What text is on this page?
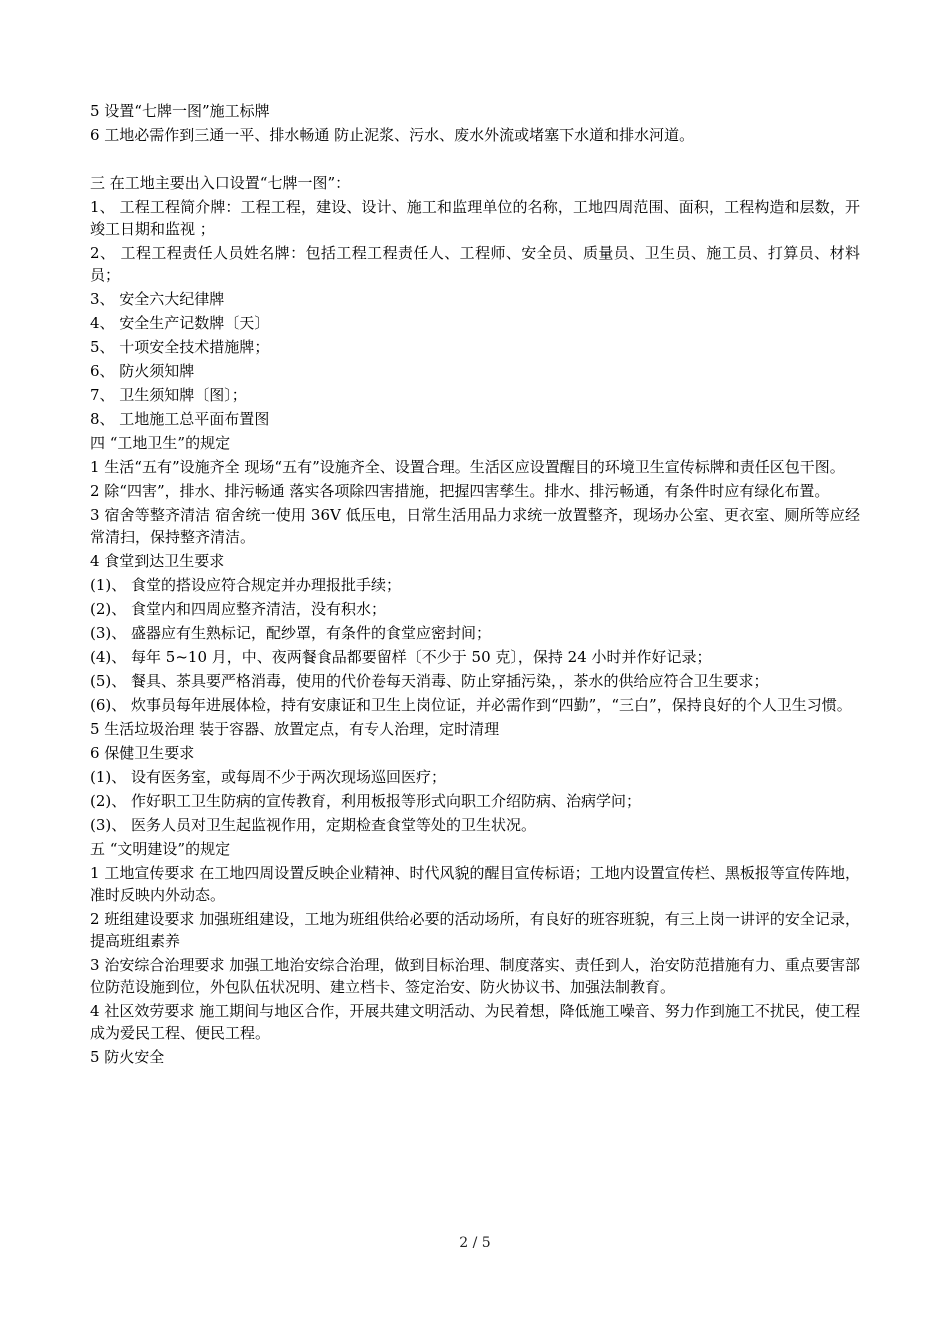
5 设置“七牌一图”施工标牌
6 工地必需作到三通一平、排水畅通 防止泥浆、污水、废水外流或堵塞下水道和排水河道。
三 在工地主要出入口设置“七牌一图”：
1、 工程工程简介牌：工程工程，建设、设计、施工和监理单位的名称，工地四周范围、面积，工程构造和层数，开竣工日期和监视 ；
2、 工程工程责任人员姓名牌：包括工程工程责任人、工程师、安全员、质量员、卫生员、施工员、打算员、材料员；
3、 安全六大纪律牌
4、 安全生产记数牌〔天〕
5、 十项安全技术措施牌；
6、 防火须知牌
7、 卫生须知牌〔图〕；
8、 工地施工总平面布置图
四 “工地卫生”的规定
1 生活“五有”设施齐全 现场“五有”设施齐全、设置合理。生活区应设置醒目的环境卫生宣传标牌和责任区包干图。
2 除“四害”，排水、排污畅通 落实各项除四害措施，把握四害孳生。排水、排污畅通，有条件时应有绿化布置。
3 宿舍等整齐清洁 宿舍统一使用 36V 低压电，日常生活用品力求统一放置整齐，现场办公室、更衣室、厕所等应经常清扫，保持整齐清洁。
4 食堂到达卫生要求
(1)、 食堂的搭设应符合规定并办理报批手续；
(2)、 食堂内和四周应整齐清洁，没有积水；
(3)、 盛器应有生熟标记，配纱罩，有条件的食堂应密封间；
(4)、 每年 5~10 月，中、夜两餐食品都要留样〔不少于 50 克〕，保持 24 小时并作好记录；
(5)、 餐具、茶具要严格消毒，使用的代价卷每天消毒、防止穿插污染，，茶水的供给应符合卫生要求；
(6)、 炊事员每年进展体检，持有安康证和卫生上岗位证，并必需作到“四勤”，“三白”，保持良好的个人卫生习惯。
5 生活垃圾治理 装于容器、放置定点，有专人治理，定时清理
6 保健卫生要求
(1)、 设有医务室，或每周不少于两次现场巡回医疗；
(2)、 作好职工卫生防病的宣传教育，利用板报等形式向职工介绍防病、治病学问；
(3)、 医务人员对卫生起监视作用，定期检查食堂等处的卫生状况。
五 “文明建设”的规定
1 工地宣传要求 在工地四周设置反映企业精神、时代风貌的醒目宣传标语；工地内设置宣传栏、黑板报等宣传阵地，准时反映内外动态。
2 班组建设要求 加强班组建设，工地为班组供给必要的活动场所，有良好的班容班貌，有三上岗一讲评的安全记录，提高班组素养
3 治安综合治理要求 加强工地治安综合治理，做到目标治理、制度落实、责任到人，治安防范措施有力、重点要害部位防范设施到位，外包队伍状况明、建立档卡、签定治安、防火协议书、加强法制教育。
4 社区效劳要求 施工期间与地区合作，开展共建文明活动、为民着想，降低施工噪音、努力作到施工不扰民，使工程成为爱民工程、便民工程。
5 防火安全
2 / 5
